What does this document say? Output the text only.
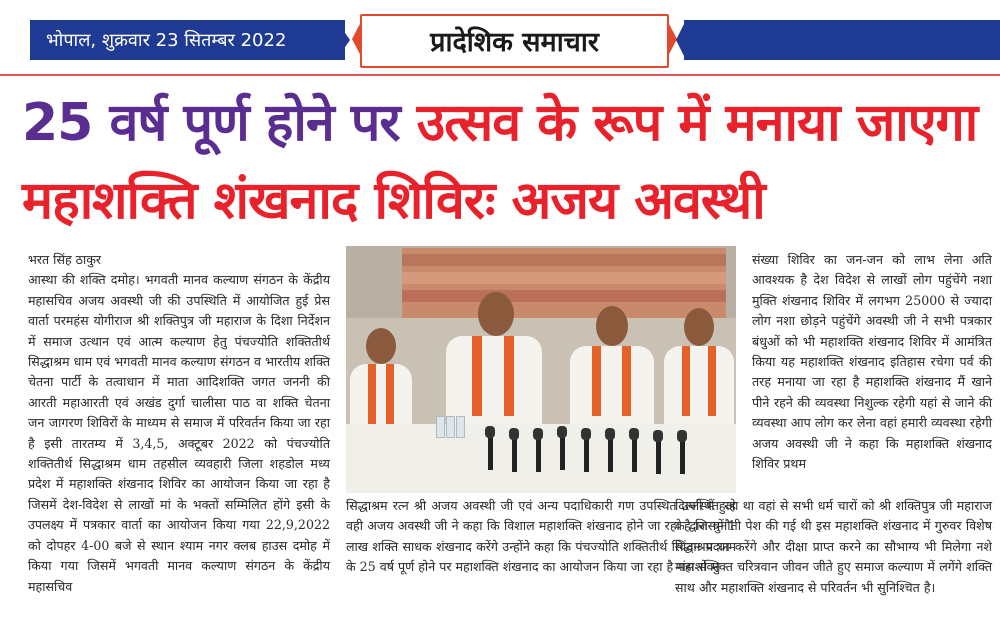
भोपाल, शुक्रवार 23 सितम्बर 2022	प्रादेशिक समाचार
25 वर्ष पूर्ण होने पर उत्सव के रूप में मनाया जाएगा
महाशक्ति शंखनाद शिविरः अजय अवस्थी

भरत सिंह ठाकुर

आस्था की शक्ति दमोह। भगवती मानव कल्याण संगठन के केंद्रीय महासचिव अजय अवस्थी जी की उपस्थिति में आयोजित हुई प्रेस वार्ता परमहंस योगीराज श्री शक्तिपुत्र जी महाराज के दिशा निर्देशन में समाज उत्थान एवं आत्म कल्याण हेतु पंचज्योति शक्तितीर्थ सिद्धाश्रम धाम एवं भगवती मानव कल्याण संगठन व भारतीय शक्ति चेतना पार्टी के तत्वाधान में माता आदिशक्ति जगत जननी की आरती महाआरती एवं अखंड दुर्गा चालीसा पाठ वा शक्ति चेतना जन जागरण शिविरों के माध्यम से समाज में परिवर्तन किया जा रहा है इसी तारतम्य में 3,4,5, अक्टूबर 2022 को पंचज्योति शक्तितीर्थ सिद्धाश्रम धाम तहसील व्यवहारी जिला शहडोल मध्य प्रदेश में महाशक्ति शंखनाद शिविर का आयोजन किया जा रहा है जिसमें देश-विदेश से लाखों मां के भक्तों सम्मिलित होंगे इसी के उपलक्ष्य में पत्रकार वार्ता का आयोजन किया गया 22,9,2022 को दोपहर 4-00 बजे से स्थान श्याम नगर क्लब हाउस दमोह में किया गया जिसमें भगवती मानव कल्याण संगठन के केंद्रीय महासचिव

सिद्धाश्रम रत्न श्री अजय अवस्थी जी एवं अन्य पदाधिकारी गण उपस्थित उपस्थित रहे वही अजय अवस्थी जी ने कहा कि विशाल महाशक्ति शंखनाद होने जा रहा है जिसमें 1 लाख शक्ति साधक शंखनाद करेंगे उन्होंने कहा कि पंचज्योति शक्तितीर्थ सिद्धाश्रम धाम के 25 वर्ष पूर्ण होने पर महाशक्ति शंखनाद का आयोजन किया जा रहा है महाशक्ति

संख्या शिविर का जन-जन को लाभ लेना अति आवश्यक है देश विदेश से लाखों लोग पहुंचेंगे नशा मुक्ति शंखनाद शिविर में लगभग 25000 से ज्यादा लोग नशा छोड़ने पहुंचेंगे अवस्थी जी ने सभी पत्रकार बंधुओं को भी महाशक्ति शंखनाद शिविर में आमंत्रित किया यह महाशक्ति शंखनाद इतिहास रचेगा पर्व की तरह मनाया जा रहा है महाशक्ति शंखनाद मैं खाने पीने रहने की व्यवस्था निशुल्क रहेगी यहां से जाने की व्यवस्था आप लोग कर लेना वहां हमारी व्यवस्था रहेगी अजय अवस्थी जी ने कहा कि महाशक्ति शंखनाद शिविर प्रथम

दिल्ली में हुआ था वहां से सभी धर्म चारों को श्री शक्तिपुत्र जी महाराज के द्वारा चुनौती पेश की गई थी इस महाशक्ति शंखनाद में गुरुवर विशेष चिंतन प्रदान करेंगे और दीक्षा प्राप्त करने का सौभाग्य भी मिलेगा नशे मांस से मुक्त चरित्रवान जीवन जीते हुए समाज कल्याण में लगेंगे शक्ति साथ और महाशक्ति शंखनाद से परिवर्तन भी सुनिश्चित है।
